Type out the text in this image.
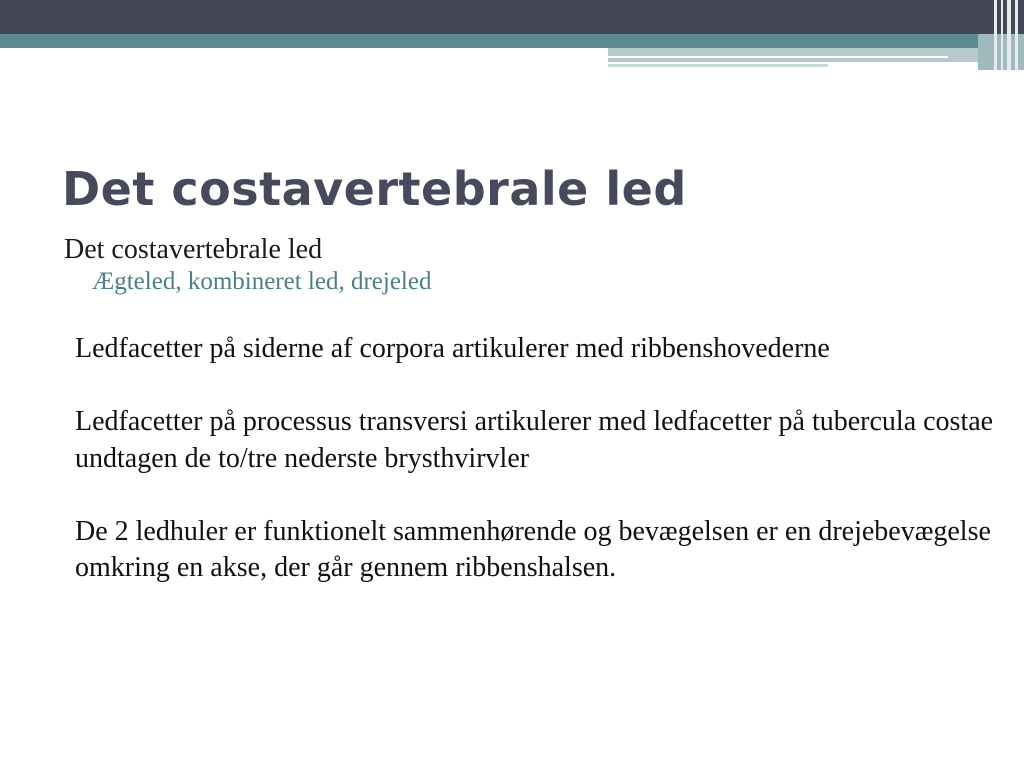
Det costavertebrale led
Det costavertebrale led
Ægteled, kombineret led, drejeled

Ledfacetter på siderne af corpora artikulerer med ribbenshovederne

Ledfacetter på processus transversi artikulerer med ledfacetter på tubercula costae undtagen de to/tre nederste brysthvirvler

De 2 ledhuler er funktionelt sammenhørende og bevægelsen er en drejebevægelse omkring en akse, der går gennem ribbenshalsen.
